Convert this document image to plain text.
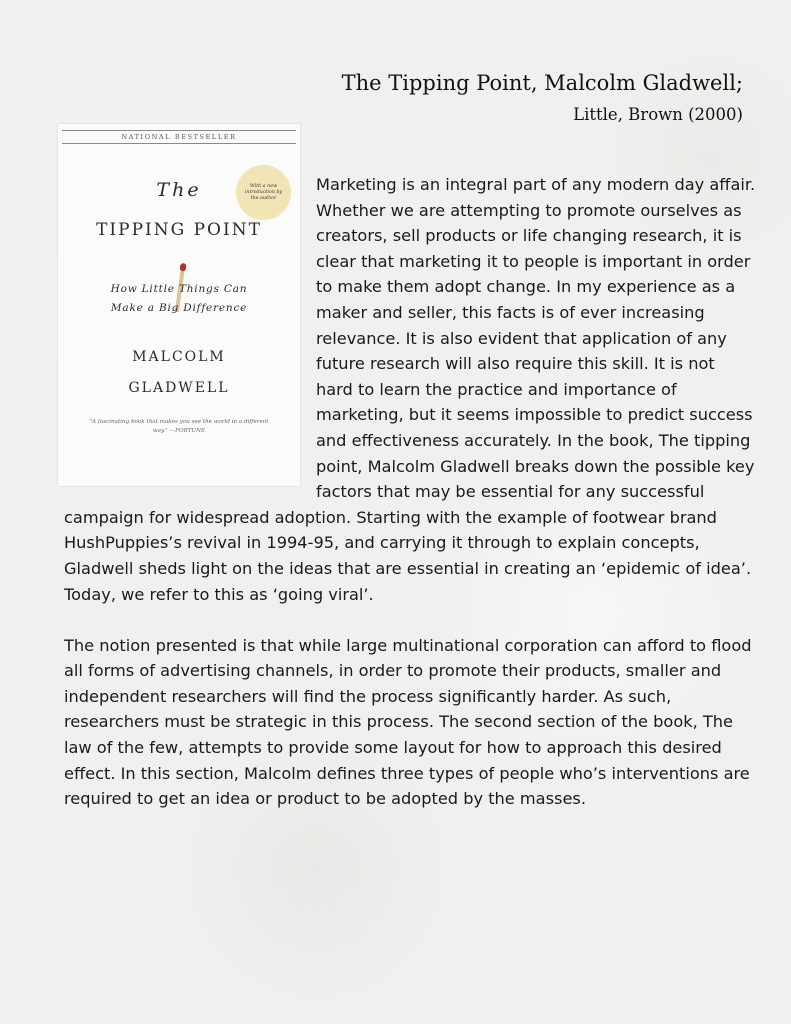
The Tipping Point, Malcolm Gladwell;
Little, Brown (2000)
NATIONAL BESTSELLER
With a new introduction by the author
The
TIPPING POINT
How Little Things Can
Make a Big Difference
MALCOLM
GLADWELL
"A fascinating book that makes you see the world in a different way." —FORTUNE

Marketing is an integral part of any modern day affair. Whether we are attempting to promote ourselves as creators, sell products or life changing research, it is clear that marketing it to people is important in order to make them adopt change. In my experience as a maker and seller, this facts is of ever increasing relevance. It is also evident that application of any future research will also require this skill. It is not hard to learn the practice and importance of marketing, but it seems impossible to predict success and effectiveness accurately. In the book, The tipping point, Malcolm Gladwell breaks down the possible key factors that may be essential for any successful campaign for widespread adoption. Starting with the example of footwear brand HushPuppies’s revival in 1994-95, and carrying it through to explain concepts, Gladwell sheds light on the ideas that are essential in creating an ‘epidemic of idea’. Today, we refer to this as ‘going viral’.

The notion presented is that while large multinational corporation can afford to flood all forms of advertising channels, in order to promote their products, smaller and independent researchers will find the process significantly harder. As such, researchers must be strategic in this process. The second section of the book, The law of the few, attempts to provide some layout for how to approach this desired effect. In this section, Malcolm defines three types of people who’s interventions are required to get an idea or product to be adopted by the masses.
